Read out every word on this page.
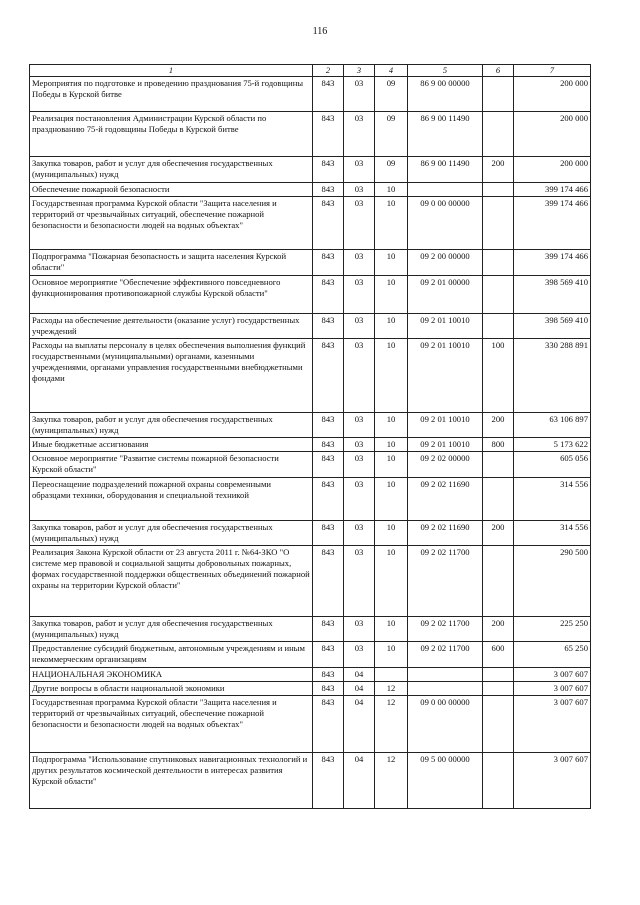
116
1	2	3	4	5	6	7
Мероприятия по подготовке и проведению празднования 75-й годовщины Победы в Курской битве	843	03	09	86 9 00 00000		200 000
Реализация постановления Администрации Курской области по празднованию 75-й годовщины Победы в Курской битве	843	03	09	86 9 00 11490		200 000
Закупка товаров, работ и услуг для обеспечения государственных (муниципальных) нужд	843	03	09	86 9 00 11490	200	200 000
Обеспечение пожарной безопасности	843	03	10			399 174 466
Государственная программа Курской области "Защита населения и территорий от чрезвычайных ситуаций, обеспечение пожарной безопасности и безопасности людей на водных объектах"	843	03	10	09 0 00 00000		399 174 466
Подпрограмма "Пожарная безопасность и защита населения Курской области"	843	03	10	09 2 00 00000		399 174 466
Основное мероприятие "Обеспечение эффективного повседневного функционирования противопожарной службы Курской области"	843	03	10	09 2 01 00000		398 569 410
Расходы на обеспечение деятельности (оказание услуг) государственных учреждений	843	03	10	09 2 01 10010		398 569 410
Расходы на выплаты персоналу в целях обеспечения выполнения функций государственными (муниципальными) органами, казенными учреждениями, органами управления государственными внебюджетными фондами	843	03	10	09 2 01 10010	100	330 288 891
Закупка товаров, работ и услуг для обеспечения государственных (муниципальных) нужд	843	03	10	09 2 01 10010	200	63 106 897
Иные бюджетные ассигнования	843	03	10	09 2 01 10010	800	5 173 622
Основное мероприятие "Развитие системы пожарной безопасности Курской области"	843	03	10	09 2 02 00000		605 056
Переоснащение подразделений пожарной охраны современными образцами техники, оборудования и специальной техникой	843	03	10	09 2 02 11690		314 556
Закупка товаров, работ и услуг для обеспечения государственных (муниципальных) нужд	843	03	10	09 2 02 11690	200	314 556
Реализация Закона Курской области от 23 августа 2011 г. №64-ЗКО "О системе мер правовой и социальной защиты добровольных пожарных, формах государственной поддержки общественных объединений пожарной охраны на территории Курской области"	843	03	10	09 2 02 11700		290 500
Закупка товаров, работ и услуг для обеспечения государственных (муниципальных) нужд	843	03	10	09 2 02 11700	200	225 250
Предоставление субсидий бюджетным, автономным учреждениям и иным некоммерческим организациям	843	03	10	09 2 02 11700	600	65 250
НАЦИОНАЛЬНАЯ ЭКОНОМИКА	843	04				3 007 607
Другие вопросы в области национальной экономики	843	04	12			3 007 607
Государственная программа Курской области "Защита населения и территорий от чрезвычайных ситуаций, обеспечение пожарной безопасности и безопасности людей на водных объектах"	843	04	12	09 0 00 00000		3 007 607
Подпрограмма "Использование спутниковых навигационных технологий и других результатов космической деятельности в интересах развития Курской области"	843	04	12	09 5 00 00000		3 007 607
